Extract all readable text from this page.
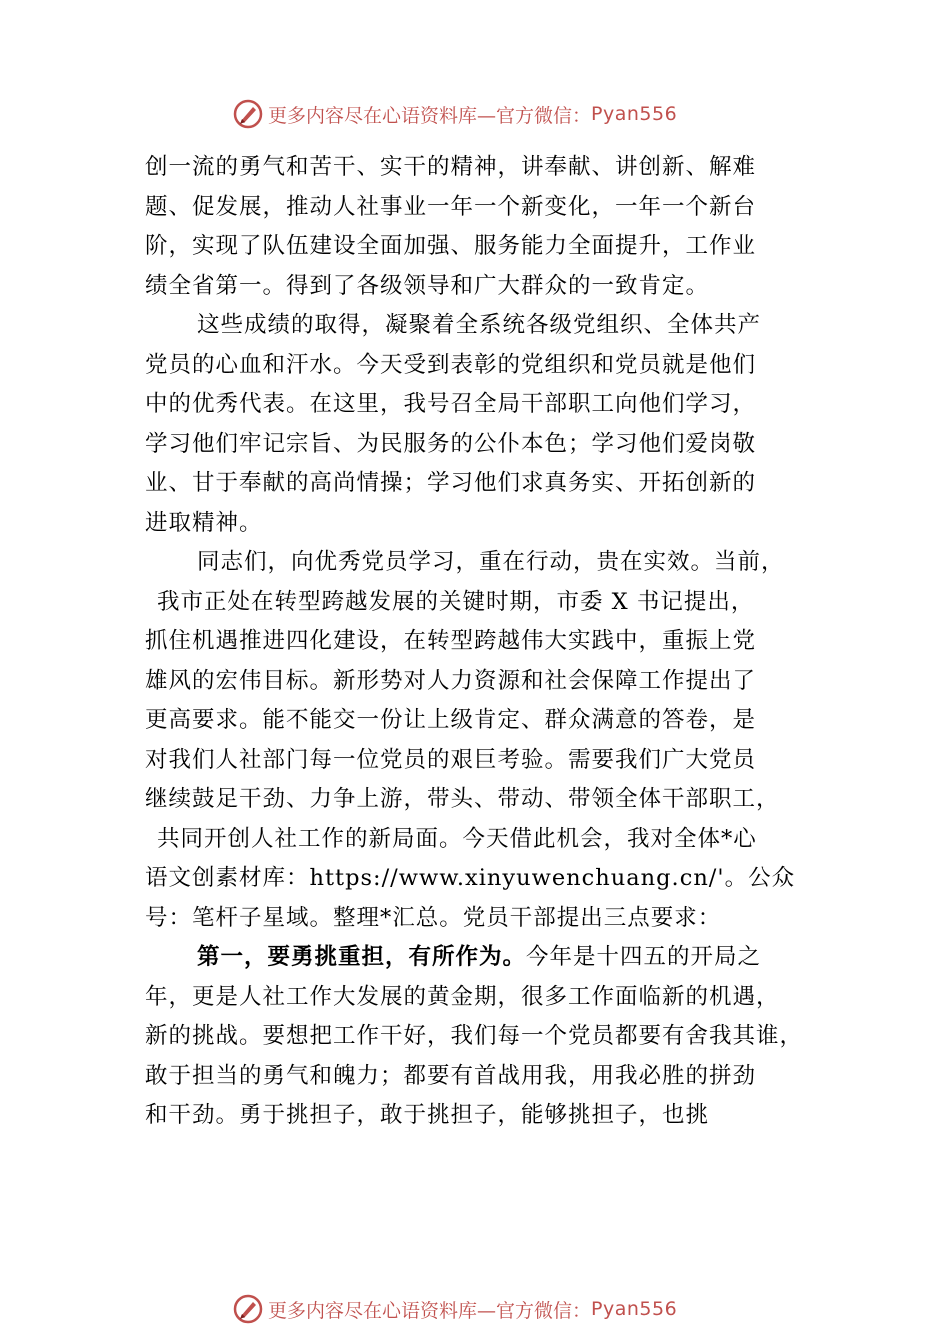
更多内容尽在心语资料库—官方微信： Pyan556
创一流的勇气和苦干、实干的精神，讲奉献、讲创新、解难
题、促发展，推动人社事业一年一个新变化，一年一个新台
阶，实现了队伍建设全面加强、服务能力全面提升，工作业
绩全省第一。得到了各级领导和广大群众的一致肯定。
这些成绩的取得，凝聚着全系统各级党组织、全体共产
党员的心血和汗水。今天受到表彰的党组织和党员就是他们
中的优秀代表。在这里，我号召全局干部职工向他们学习，
学习他们牢记宗旨、为民服务的公仆本色；学习他们爱岗敬
业、甘于奉献的高尚情操；学习他们求真务实、开拓创新的
进取精神。
同志们，向优秀党员学习，重在行动，贵在实效。当前，
我市正处在转型跨越发展的关键时期，市委 X 书记提出，
抓住机遇推进四化建设，在转型跨越伟大实践中，重振上党
雄风的宏伟目标。新形势对人力资源和社会保障工作提出了
更高要求。能不能交一份让上级肯定、群众满意的答卷，是
对我们人社部门每一位党员的艰巨考验。需要我们广大党员
继续鼓足干劲、力争上游，带头、带动、带领全体干部职工，
共同开创人社工作的新局面。今天借此机会，我对全体*心
语文创素材库：https://www.xinyuwenchuang.cn/'。公众
号：笔杆子星域。整理*汇总。党员干部提出三点要求：
第一，要勇挑重担，有所作为。今年是十四五的开局之
年，更是人社工作大发展的黄金期，很多工作面临新的机遇，
新的挑战。要想把工作干好，我们每一个党员都要有舍我其谁，
敢于担当的勇气和魄力；都要有首战用我，用我必胜的拼劲
和干劲。勇于挑担子，敢于挑担子，能够挑担子，也挑
更多内容尽在心语资料库—官方微信： Pyan556
